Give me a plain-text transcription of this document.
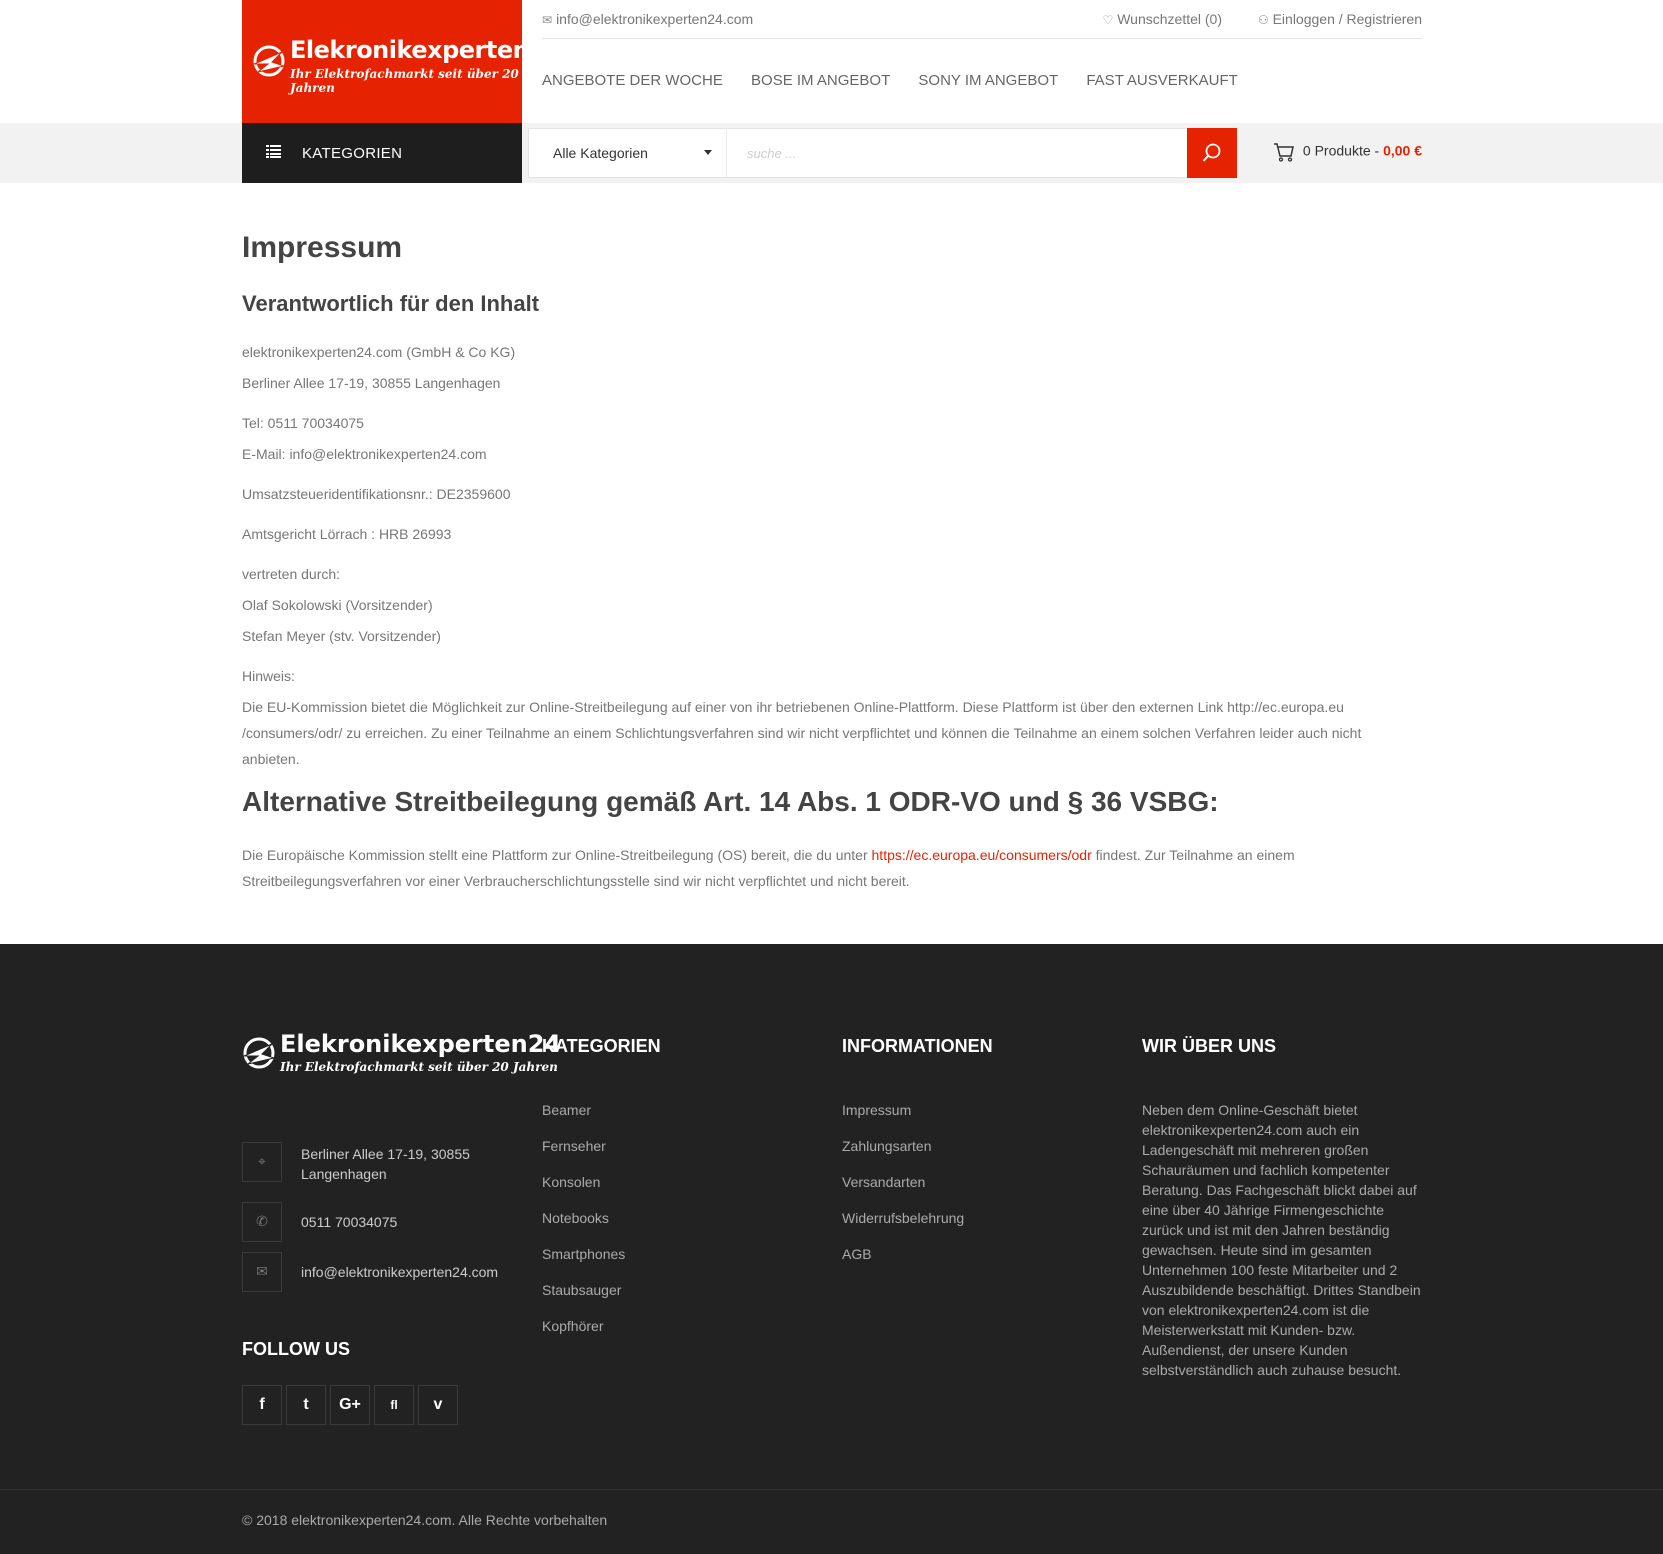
Elekronikexperten24
Ihr Elektrofachmarkt seit über 20 Jahren
✉ info@elektronikexperten24.com	♡ Wunschzettel (0)	⚇ Einloggen / Registrieren
ANGEBOTE DER WOCHE BOSE IM ANGEBOT SONY IM ANGEBOT FAST AUSVERKAUFT
KATEGORIEN	Alle Kategorien
suche ...	0 Produkte - 0,00 €
Impressum
Verantwortlich für den Inhalt
elektronikexperten24.com (GmbH & Co KG)
Berliner Allee 17-19, 30855 Langenhagen
Tel: 0511 70034075
E-Mail: info@elektronikexperten24.com
Umsatzsteueridentifikationsnr.: DE2359600
Amtsgericht Lörrach : HRB 26993
vertreten durch:
Olaf Sokolowski (Vorsitzender)
Stefan Meyer (stv. Vorsitzender)
Hinweis:
Die EU-Kommission bietet die Möglichkeit zur Online-Streitbeilegung auf einer von ihr betriebenen Online-Plattform. Diese Plattform ist über den externen Link http://ec.europa.eu
/consumers/odr/ zu erreichen. Zu einer Teilnahme an einem Schlichtungsverfahren sind wir nicht verpflichtet und können die Teilnahme an einem solchen Verfahren leider auch nicht
anbieten.
Alternative Streitbeilegung gemäß Art. 14 Abs. 1 ODR-VO und § 36 VSBG:
Die Europäische Kommission stellt eine Plattform zur Online-Streitbeilegung (OS) bereit, die du unter https://ec.europa.eu/consumers/odr findest. Zur Teilnahme an einem
Streitbeilegungsverfahren vor einer Verbraucherschlichtungsstelle sind wir nicht verpflichtet und nicht bereit.
Elekronikexperten24
Ihr Elektrofachmarkt seit über 20 Jahren
⌖	Berliner Allee 17-19, 30855
Langenhagen
✆	0511 70034075
✉	info@elektronikexperten24.com
FOLLOW US
f	t	G+	fl	v
KATEGORIEN
Beamer
Fernseher
Konsolen
Notebooks
Smartphones
Staubsauger
Kopfhörer
INFORMATIONEN
Impressum
Zahlungsarten
Versandarten
Widerrufsbelehrung
AGB
WIR ÜBER UNS
Neben dem Online-Geschäft bietet elektronikexperten24.com auch ein Ladengeschäft mit mehreren großen Schauräumen und fachlich kompetenter Beratung. Das Fachgeschäft blickt dabei auf eine über 40 Jährige Firmengeschichte zurück und ist mit den Jahren beständig gewachsen. Heute sind im gesamten Unternehmen 100 feste Mitarbeiter und 2 Auszubildende beschäftigt. Drittes Standbein von elektronikexperten24.com ist die Meisterwerkstatt mit Kunden- bzw. Außendienst, der unsere Kunden selbstverständlich auch zuhause besucht.
© 2018 elektronikexperten24.com. Alle Rechte vorbehalten
